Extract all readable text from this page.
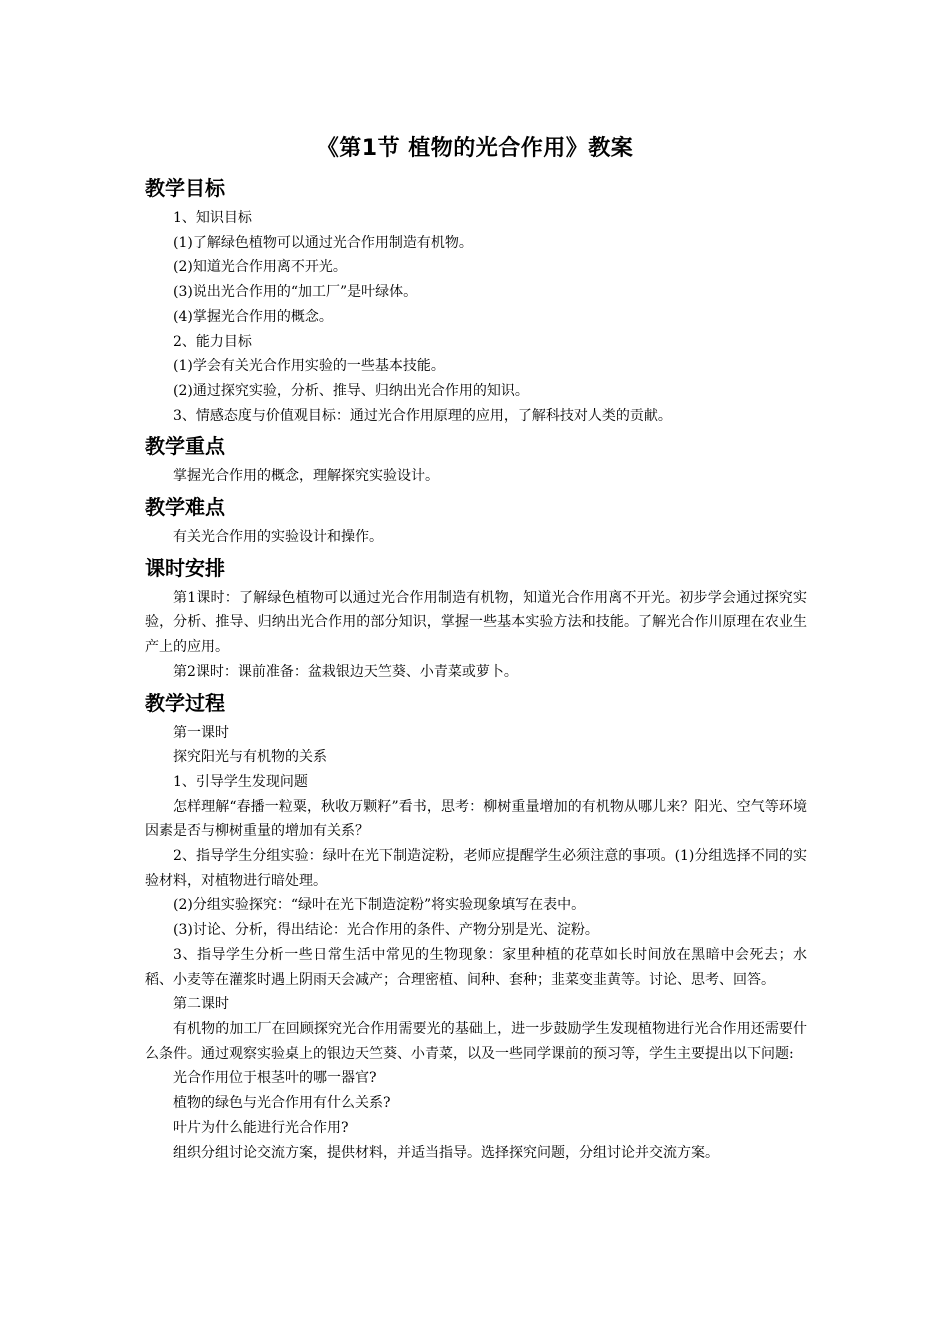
《第1节 植物的光合作用》教案
教学目标

1、知识目标

(1)了解绿色植物可以通过光合作用制造有机物。

(2)知道光合作用离不开光。

(3)说出光合作用的“加工厂”是叶绿体。

(4)掌握光合作用的概念。

2、能力目标

(1)学会有关光合作用实验的一些基本技能。

(2)通过探究实验，分析、推导、归纳出光合作用的知识。

3、情感态度与价值观目标：通过光合作用原理的应用，了解科技对人类的贡献。

教学重点

掌握光合作用的概念，理解探究实验设计。

教学难点

有关光合作用的实验设计和操作。

课时安排

第1课时：了解绿色植物可以通过光合作用制造有机物，知道光合作用离不开光。初步学会通过探究实验，分析、推导、归纳出光合作用的部分知识，掌握一些基本实验方法和技能。了解光合作川原理在农业生产上的应用。

第2课时：课前准备：盆栽银边天竺葵、小青菜或萝卜。

教学过程

第一课时

探究阳光与有机物的关系

1、引导学生发现问题

怎样理解“春播一粒粟，秋收万颗籽”看书，思考：柳树重量增加的有机物从哪儿来？阳光、空气等环境因素是否与柳树重量的增加有关系？

2、指导学生分组实验：绿叶在光下制造淀粉，老师应提醒学生必须注意的事项。(1)分组选择不同的实验材料，对植物进行暗处理。

(2)分组实验探究：“绿叶在光下制造淀粉”将实验现象填写在表中。

(3)讨论、分析，得出结论：光合作用的条件、产物分别是光、淀粉。

3、指导学生分析一些日常生活中常见的生物现象：家里种植的花草如长时间放在黑暗中会死去；水稻、小麦等在灌浆时遇上阴雨天会减产；合理密植、间种、套种；韭菜变韭黄等。讨论、思考、回答。

第二课时

有机物的加工厂在回顾探究光合作用需要光的基础上，进一步鼓励学生发现植物进行光合作用还需要什么条件。通过观察实验桌上的银边天竺葵、小青菜，以及一些同学课前的预习等，学生主要提出以下问题:

光合作用位于根茎叶的哪一器官?

植物的绿色与光合作用有什么关系?

叶片为什么能进行光合作用?

组织分组讨论交流方案，提供材料，并适当指导。选择探究问题，分组讨论并交流方案。
